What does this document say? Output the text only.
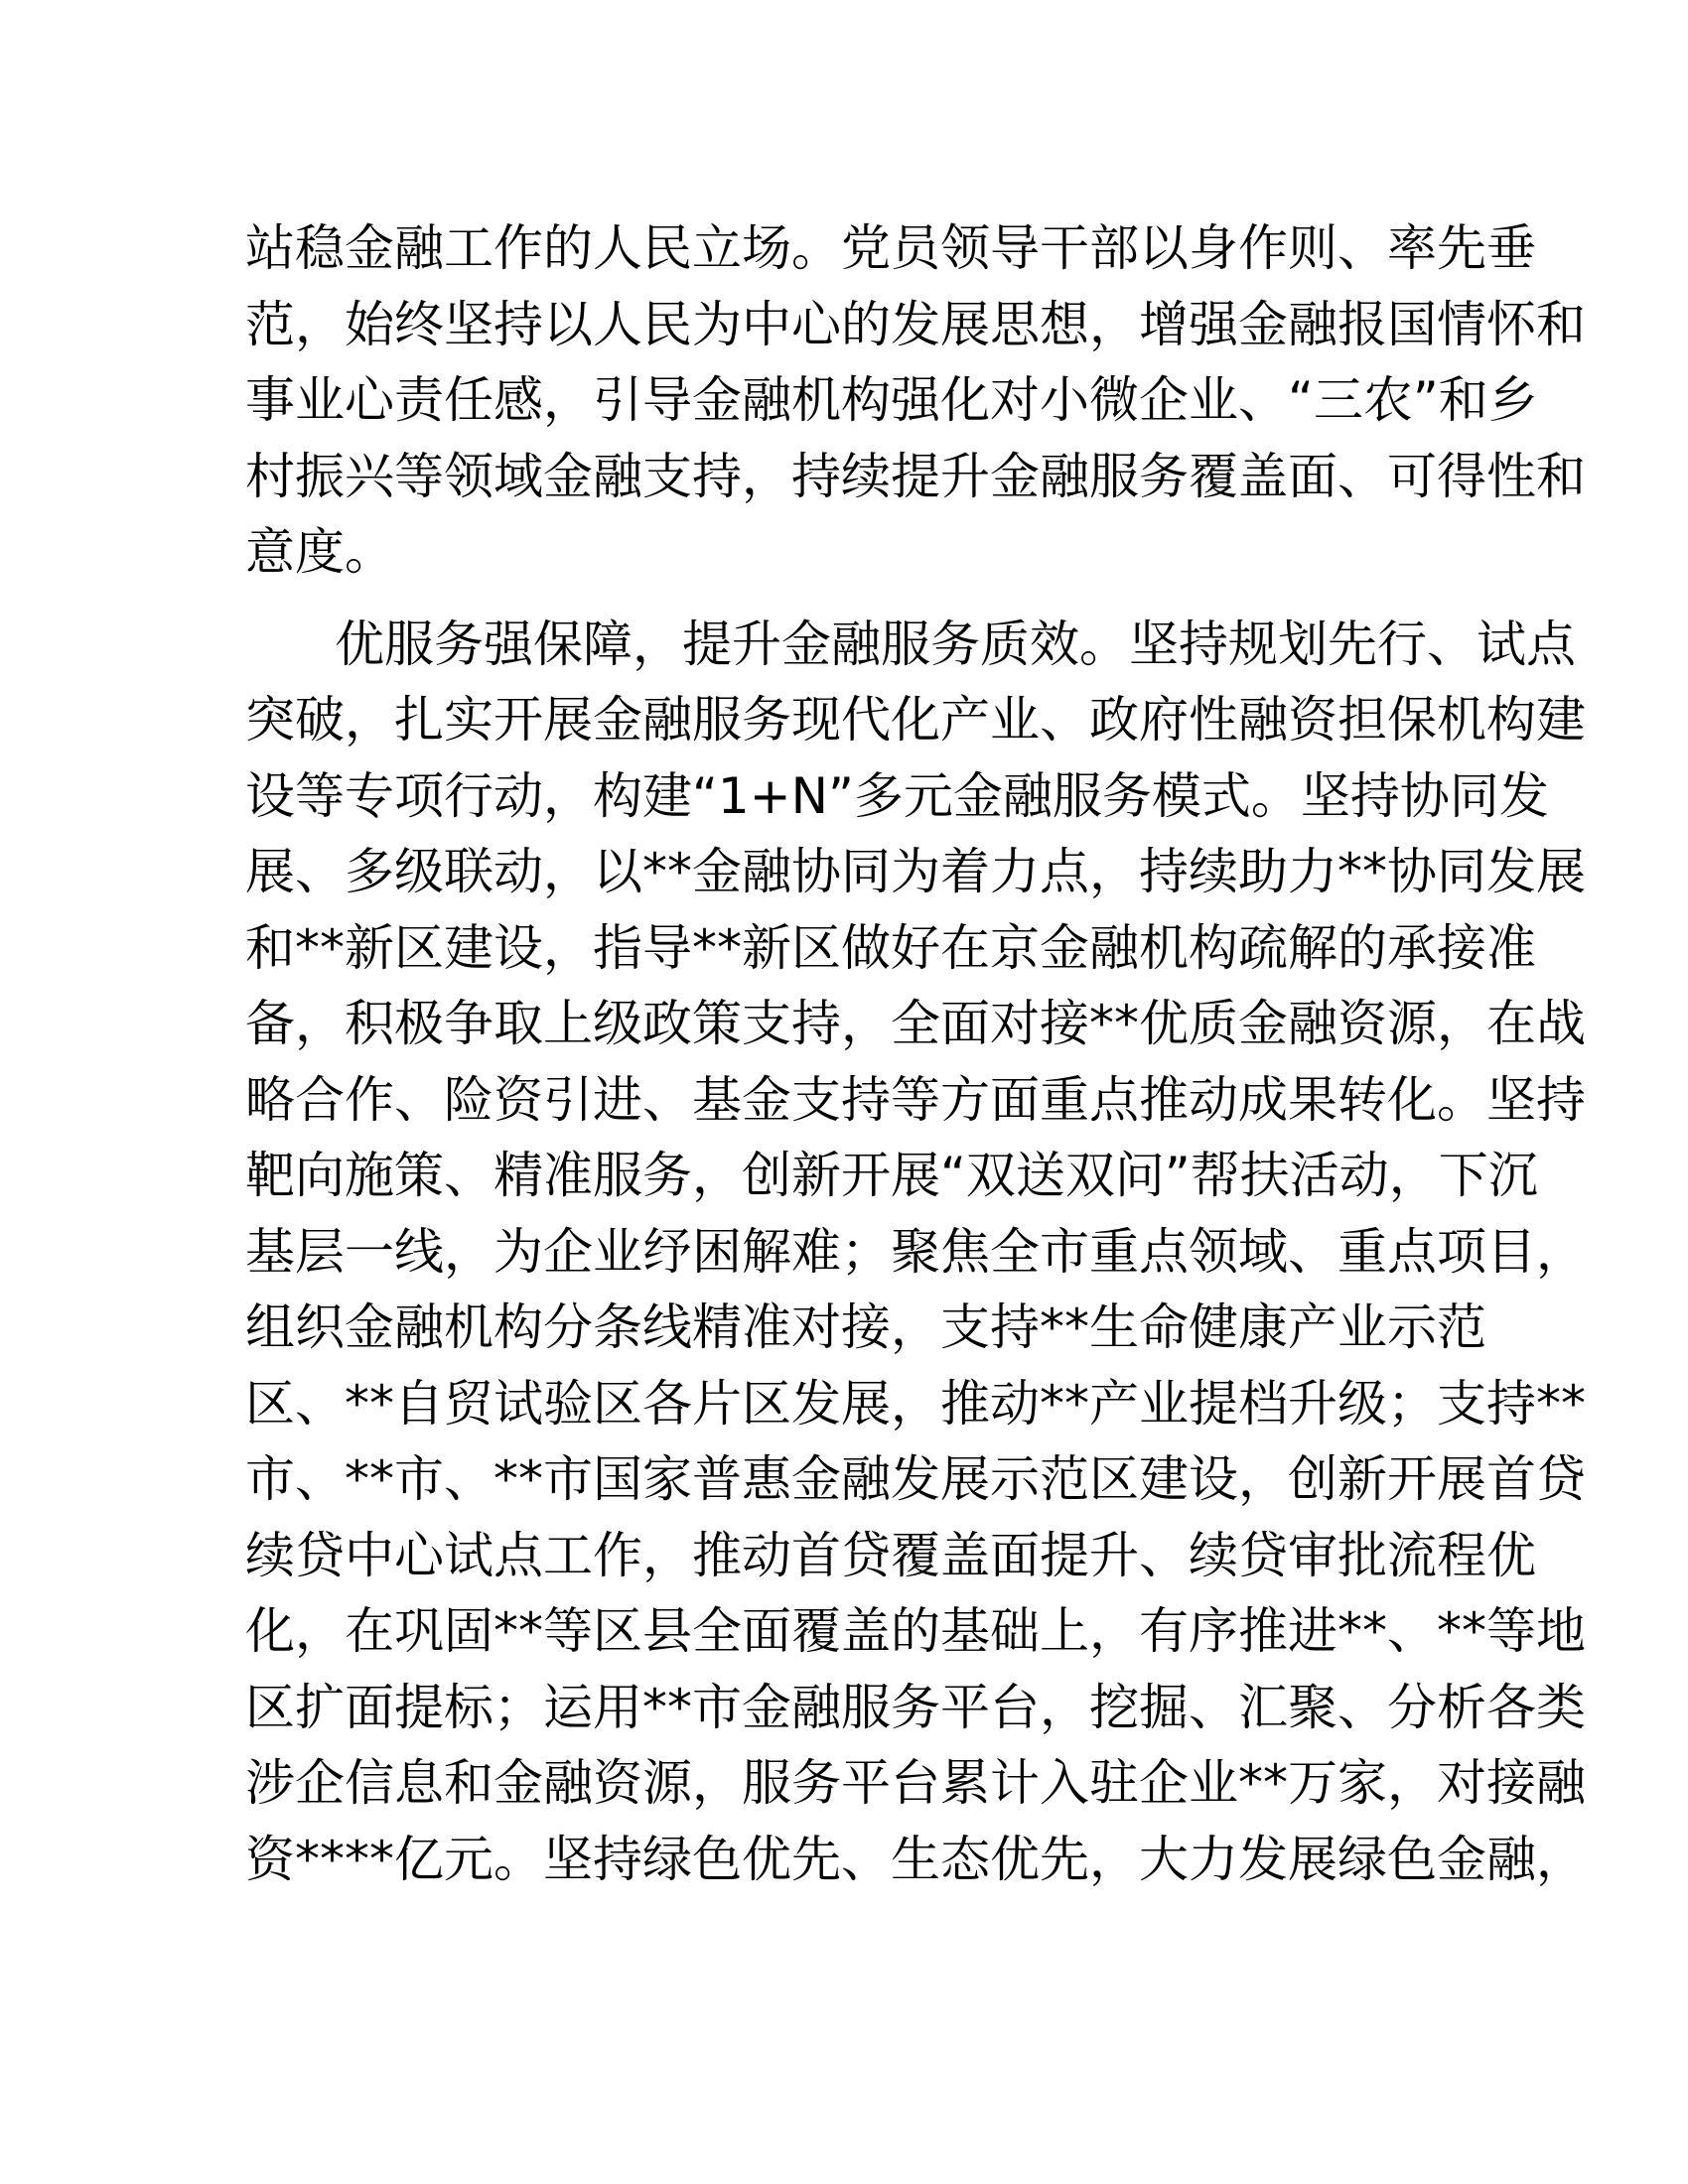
站稳金融工作的人民立场。党员领导干部以身作则、率先垂
范，始终坚持以人民为中心的发展思想，增强金融报国情怀和
事业心责任感，引导金融机构强化对小微企业、“三农”和乡
村振兴等领域金融支持，持续提升金融服务覆盖面、可得性和
意度。
优服务强保障，提升金融服务质效。坚持规划先行、试点
突破，扎实开展金融服务现代化产业、政府性融资担保机构建
设等专项行动，构建“1+N”多元金融服务模式。坚持协同发
展、多级联动，以**金融协同为着力点，持续助力**协同发展
和**新区建设，指导**新区做好在京金融机构疏解的承接准
备，积极争取上级政策支持，全面对接**优质金融资源，在战
略合作、险资引进、基金支持等方面重点推动成果转化。坚持
靶向施策、精准服务，创新开展“双送双问”帮扶活动，下沉
基层一线，为企业纾困解难；聚焦全市重点领域、重点项目，
组织金融机构分条线精准对接，支持**生命健康产业示范
区、**自贸试验区各片区发展，推动**产业提档升级；支持**
市、**市、**市国家普惠金融发展示范区建设，创新开展首贷
续贷中心试点工作，推动首贷覆盖面提升、续贷审批流程优
化，在巩固**等区县全面覆盖的基础上，有序推进**、**等地
区扩面提标；运用**市金融服务平台，挖掘、汇聚、分析各类
涉企信息和金融资源，服务平台累计入驻企业**万家，对接融
资****亿元。坚持绿色优先、生态优先，大力发展绿色金融，
